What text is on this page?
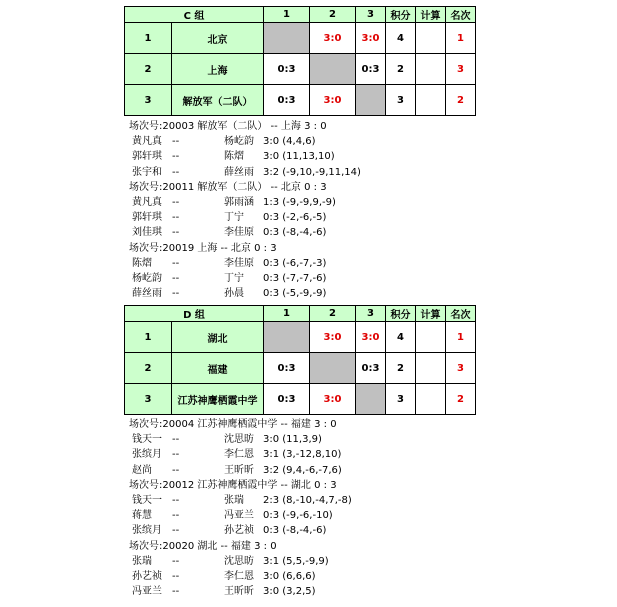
C 组		1	2	3	积分	计算	名次
1	北京		3:0	3:0	4		1
2	上海	0:3		0:3	2		3
3	解放军（二队）	0:3	3:0		3		2
场次号:20003 解放军（二队） -- 上海 3 : 0
黄凡真 --	杨屹韵 3:0 (4,4,6)
郭轩琪 --	陈熠 3:0 (11,13,10)
张宇和 --	薛丝雨 3:2 (-9,10,-9,11,14)
场次号:20011 解放军（二队） -- 北京 0 : 3
黄凡真 --	郭雨涵 1:3 (-9,-9,9,-9)
郭轩琪 --	丁宁 0:3 (-2,-6,-5)
刘佳琪 --	李佳原 0:3 (-8,-4,-6)
场次号:20019 上海 -- 北京 0 : 3
陈熠 --	李佳原 0:3 (-6,-7,-3)
杨屹韵 --	丁宁 0:3 (-7,-7,-6)
薛丝雨 --	孙晨 0:3 (-5,-9,-9)
D 组		1	2	3	积分	计算	名次
1	湖北		3:0	3:0	4		1
2	福建	0:3		0:3	2		3
3	江苏神鹰栖霞中学	0:3	3:0		3		2
场次号:20004 江苏神鹰栖霞中学 -- 福建 3 : 0
钱天一 --	沈思昉 3:0 (11,3,9)
张缤月 --	李仁恩 3:1 (3,-12,8,10)
赵尚 --	王昕昕 3:2 (9,4,-6,-7,6)
场次号:20012 江苏神鹰栖霞中学 -- 湖北 0 : 3
钱天一 --	张瑞 2:3 (8,-10,-4,7,-8)
蒋慧 --	冯亚兰 0:3 (-9,-6,-10)
张缤月 --	孙艺祯 0:3 (-8,-4,-6)
场次号:20020 湖北 -- 福建 3 : 0
张瑞 --	沈思昉 3:1 (5,5,-9,9)
孙艺祯 --	李仁恩 3:0 (6,6,6)
冯亚兰 --	王昕昕 3:0 (3,2,5)
